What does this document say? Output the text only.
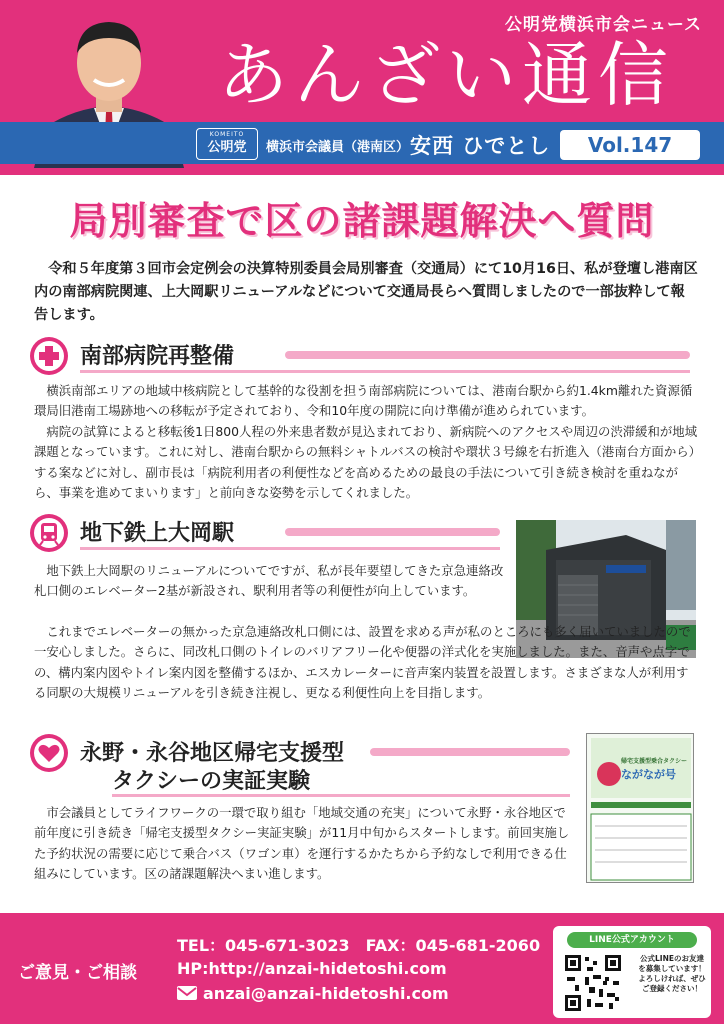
公明党横浜市会ニュース
あんざい通信
KOMEITO
公明党	横浜市会議員（港南区） 安西 ひでとし	Vol.147
局別審査で区の諸課題解決へ質問
令和５年度第３回市会定例会の決算特別委員会局別審査（交通局）にて10月16日、私が登壇し港南区内の南部病院関連、上大岡駅リニューアルなどについて交通局長らへ質問しましたので一部抜粋して報告します。
南部病院再整備

横浜南部エリアの地域中核病院として基幹的な役割を担う南部病院については、港南台駅から約1.4km離れた資源循環局旧港南工場跡地への移転が予定されており、令和10年度の開院に向け準備が進められています。

病院の試算によると移転後1日800人程の外来患者数が見込まれており、新病院へのアクセスや周辺の渋滞緩和が地域課題となっています。これに対し、港南台駅からの無料シャトルバスの検討や環状３号線を右折進入（港南台方面から）する案などに対し、副市長は「病院利用者の利便性などを高めるための最良の手法について引き続き検討を重ねながら、事業を進めてまいります」と前向きな姿勢を示してくれました。

地下鉄上大岡駅

地下鉄上大岡駅のリニューアルについてですが、私が長年要望してきた京急連絡改札口側のエレベーター2基が新設され、駅利用者等の利便性が向上しています。

これまでエレベーターの無かった京急連絡改札口側には、設置を求める声が私のところにも多く届いていましたので一安心しました。さらに、同改札口側のトイレのバリアフリー化や便器の洋式化を実施しました。また、音声や点字での、構内案内図やトイレ案内図を整備するほか、エスカレーターに音声案内装置を設置します。さまざまな人が利用する同駅の大規模リニューアルを引き続き注視し、更なる利便性向上を目指します。

永野・永谷地区帰宅支援型
タクシーの実証実験
帰宅支援型乗合タクシー
ながなが号

市会議員としてライフワークの一環で取り組む「地域交通の充実」について永野・永谷地区で前年度に引き続き「帰宅支援型タクシー実証実験」が11月中旬からスタートします。前回実施した予約状況の需要に応じて乗合バス（ワゴン車）を運行するかたちから予約なしで利用できる仕組みにしています。区の諸課題解決へまい進します。

ご意見・ご相談
TEL：045-671-3023　FAX：045-681-2060
HP:http://anzai-hidetoshi.com
anzai@anzai-hidetoshi.com
LINE公式アカウント
公式LINEのお友達を募集しています！よろしければ、ぜひご登録ください！
